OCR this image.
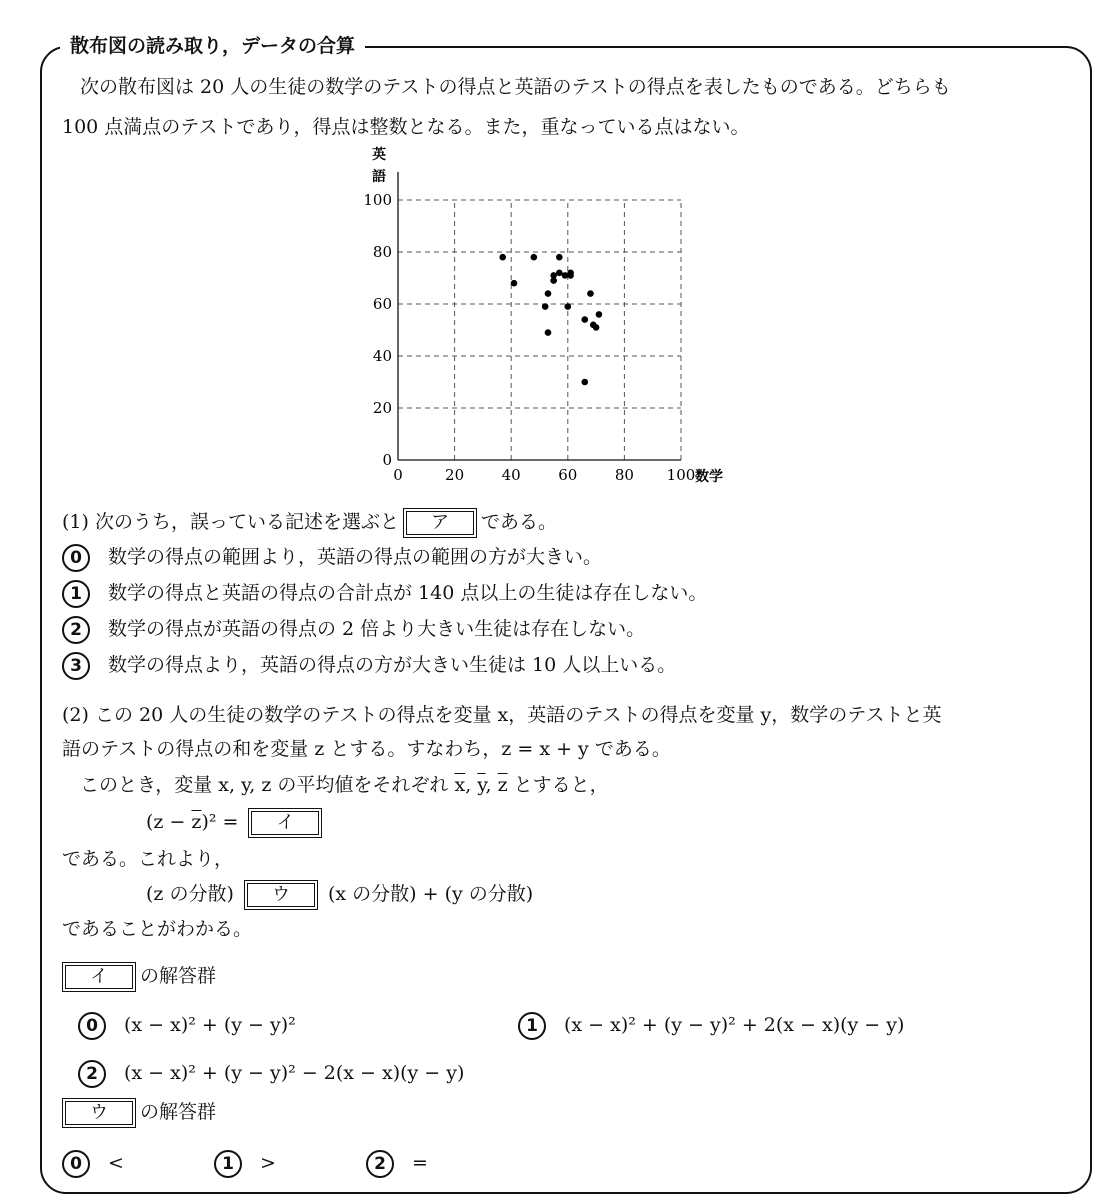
散布図の読み取り，データの合算
次の散布図は 20 人の生徒の数学のテストの得点と英語のテストの得点を表したものである。どちらも
100 点満点のテストであり，得点は整数となる。また，重なっている点はない。
0	20	40	60	80 100
0
20
40
60
80
100
数学
英
語
(1) 次のうち，誤っている記述を選ぶと	ア	である。
0 数学の得点の範囲より，英語の得点の範囲の方が大きい。
1 数学の得点と英語の得点の合計点が 140 点以上の生徒は存在しない。
2 数学の得点が英語の得点の 2 倍より大きい生徒は存在しない。
3 数学の得点より，英語の得点の方が大きい生徒は 10 人以上いる。
(2) この 20 人の生徒の数学のテストの得点を変量 x，英語のテストの得点を変量 y，数学のテストと英
語のテストの得点の和を変量 z とする。すなわち，z = x + y である。
このとき，変量 x, y, z の平均値をそれぞれ $\overline{x}$, $\overline{y}$, $\overline{z}$ とすると，
$(z - \overline{z})^2$ =	イ
である。これより，
(z の分散)	ウ	(x の分散) + (y の分散)
であることがわかる。
イ	の解答群
0 (x − x)² + (y − y)²	1 (x − x)² + (y − y)² + 2(x − x)(y − y)
2 (x − x)² + (y − y)² − 2(x − x)(y − y)
ウ	の解答群
0 <	1 >	2 =
